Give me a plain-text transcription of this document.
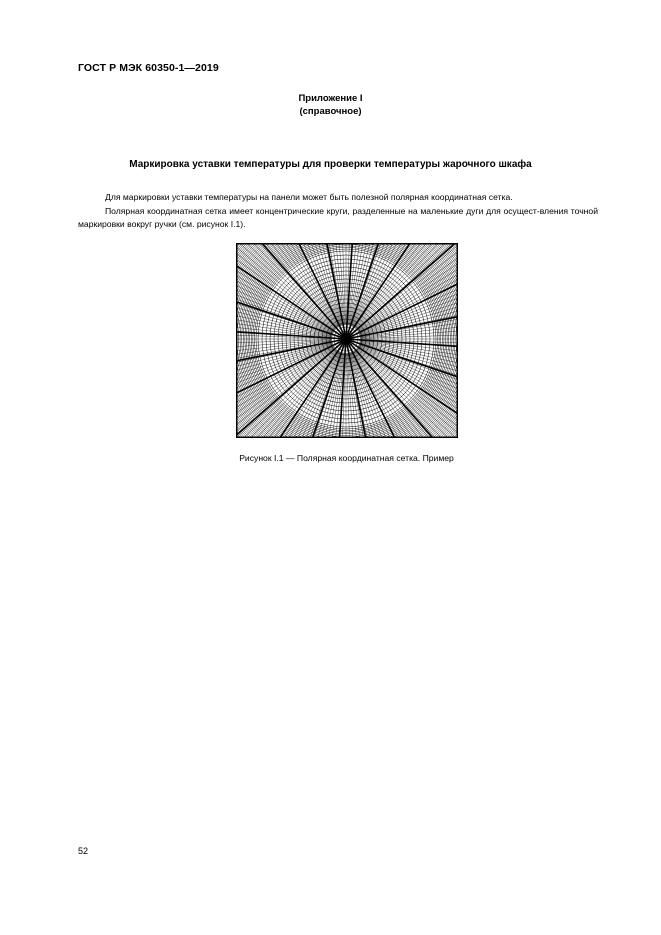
ГОСТ Р МЭК 60350-1—2019
Приложение I
(справочное)
Маркировка уставки температуры для проверки температуры жарочного шкафа
Для маркировки уставки температуры на панели может быть полезной полярная координатная сетка.
Полярная координатная сетка имеет концентрические круги, разделенные на маленькие дуги для осущест-вления точной маркировки вокруг ручки (см. рисунок I.1).
Рисунок I.1 — Полярная координатная сетка. Пример
52
